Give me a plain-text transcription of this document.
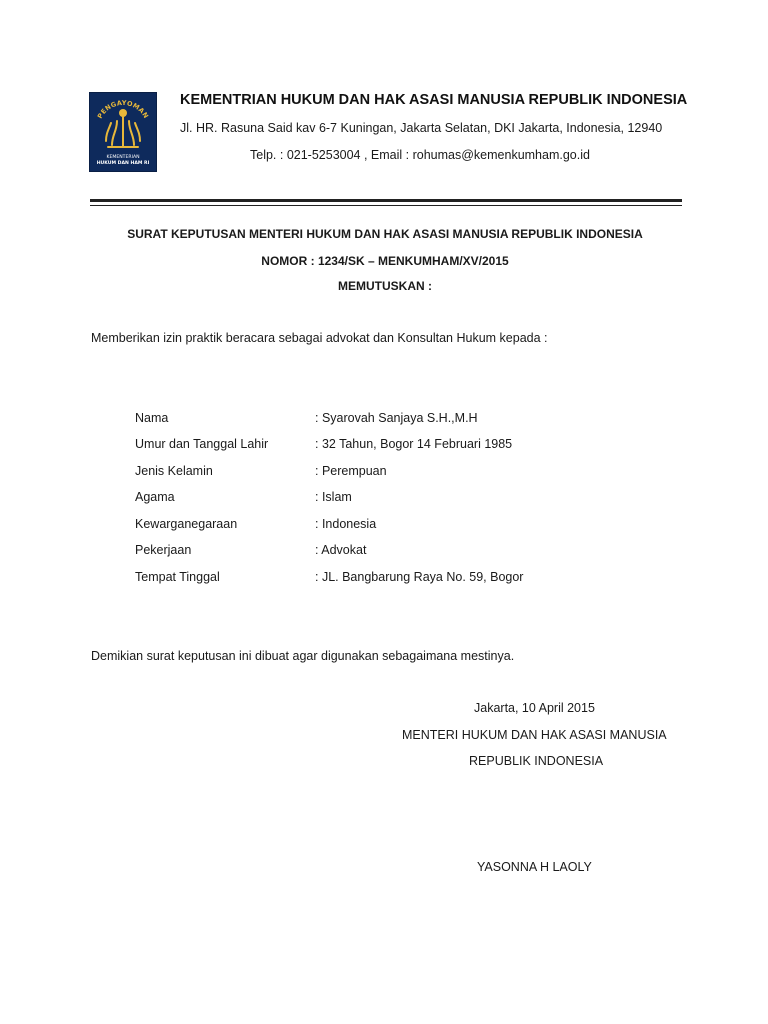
PENGAYOMAN
KEMENTERIAN
HUKUM DAN HAM RI
KEMENTRIAN HUKUM DAN HAK ASASI MANUSIA REPUBLIK INDONESIA
Jl. HR. Rasuna Said kav 6-7 Kuningan, Jakarta Selatan, DKI Jakarta, Indonesia, 12940
Telp. : 021-5253004 , Email : rohumas@kemenkumham.go.id
SURAT KEPUTUSAN MENTERI HUKUM DAN HAK ASASI MANUSIA REPUBLIK INDONESIA
NOMOR : 1234/SK – MENKUMHAM/XV/2015
MEMUTUSKAN :
Memberikan izin praktik beracara sebagai advokat dan Konsultan Hukum kepada :
Nama	: Syarovah Sanjaya S.H.,M.H
Umur dan Tanggal Lahir	: 32 Tahun, Bogor 14 Februari 1985
Jenis Kelamin	: Perempuan
Agama	: Islam
Kewarganegaraan	: Indonesia
Pekerjaan	: Advokat
Tempat Tinggal	: JL. Bangbarung Raya No. 59, Bogor
Demikian surat keputusan ini dibuat agar digunakan sebagaimana mestinya.
Jakarta, 10 April 2015
MENTERI HUKUM DAN HAK ASASI MANUSIA
REPUBLIK INDONESIA
YASONNA H LAOLY
